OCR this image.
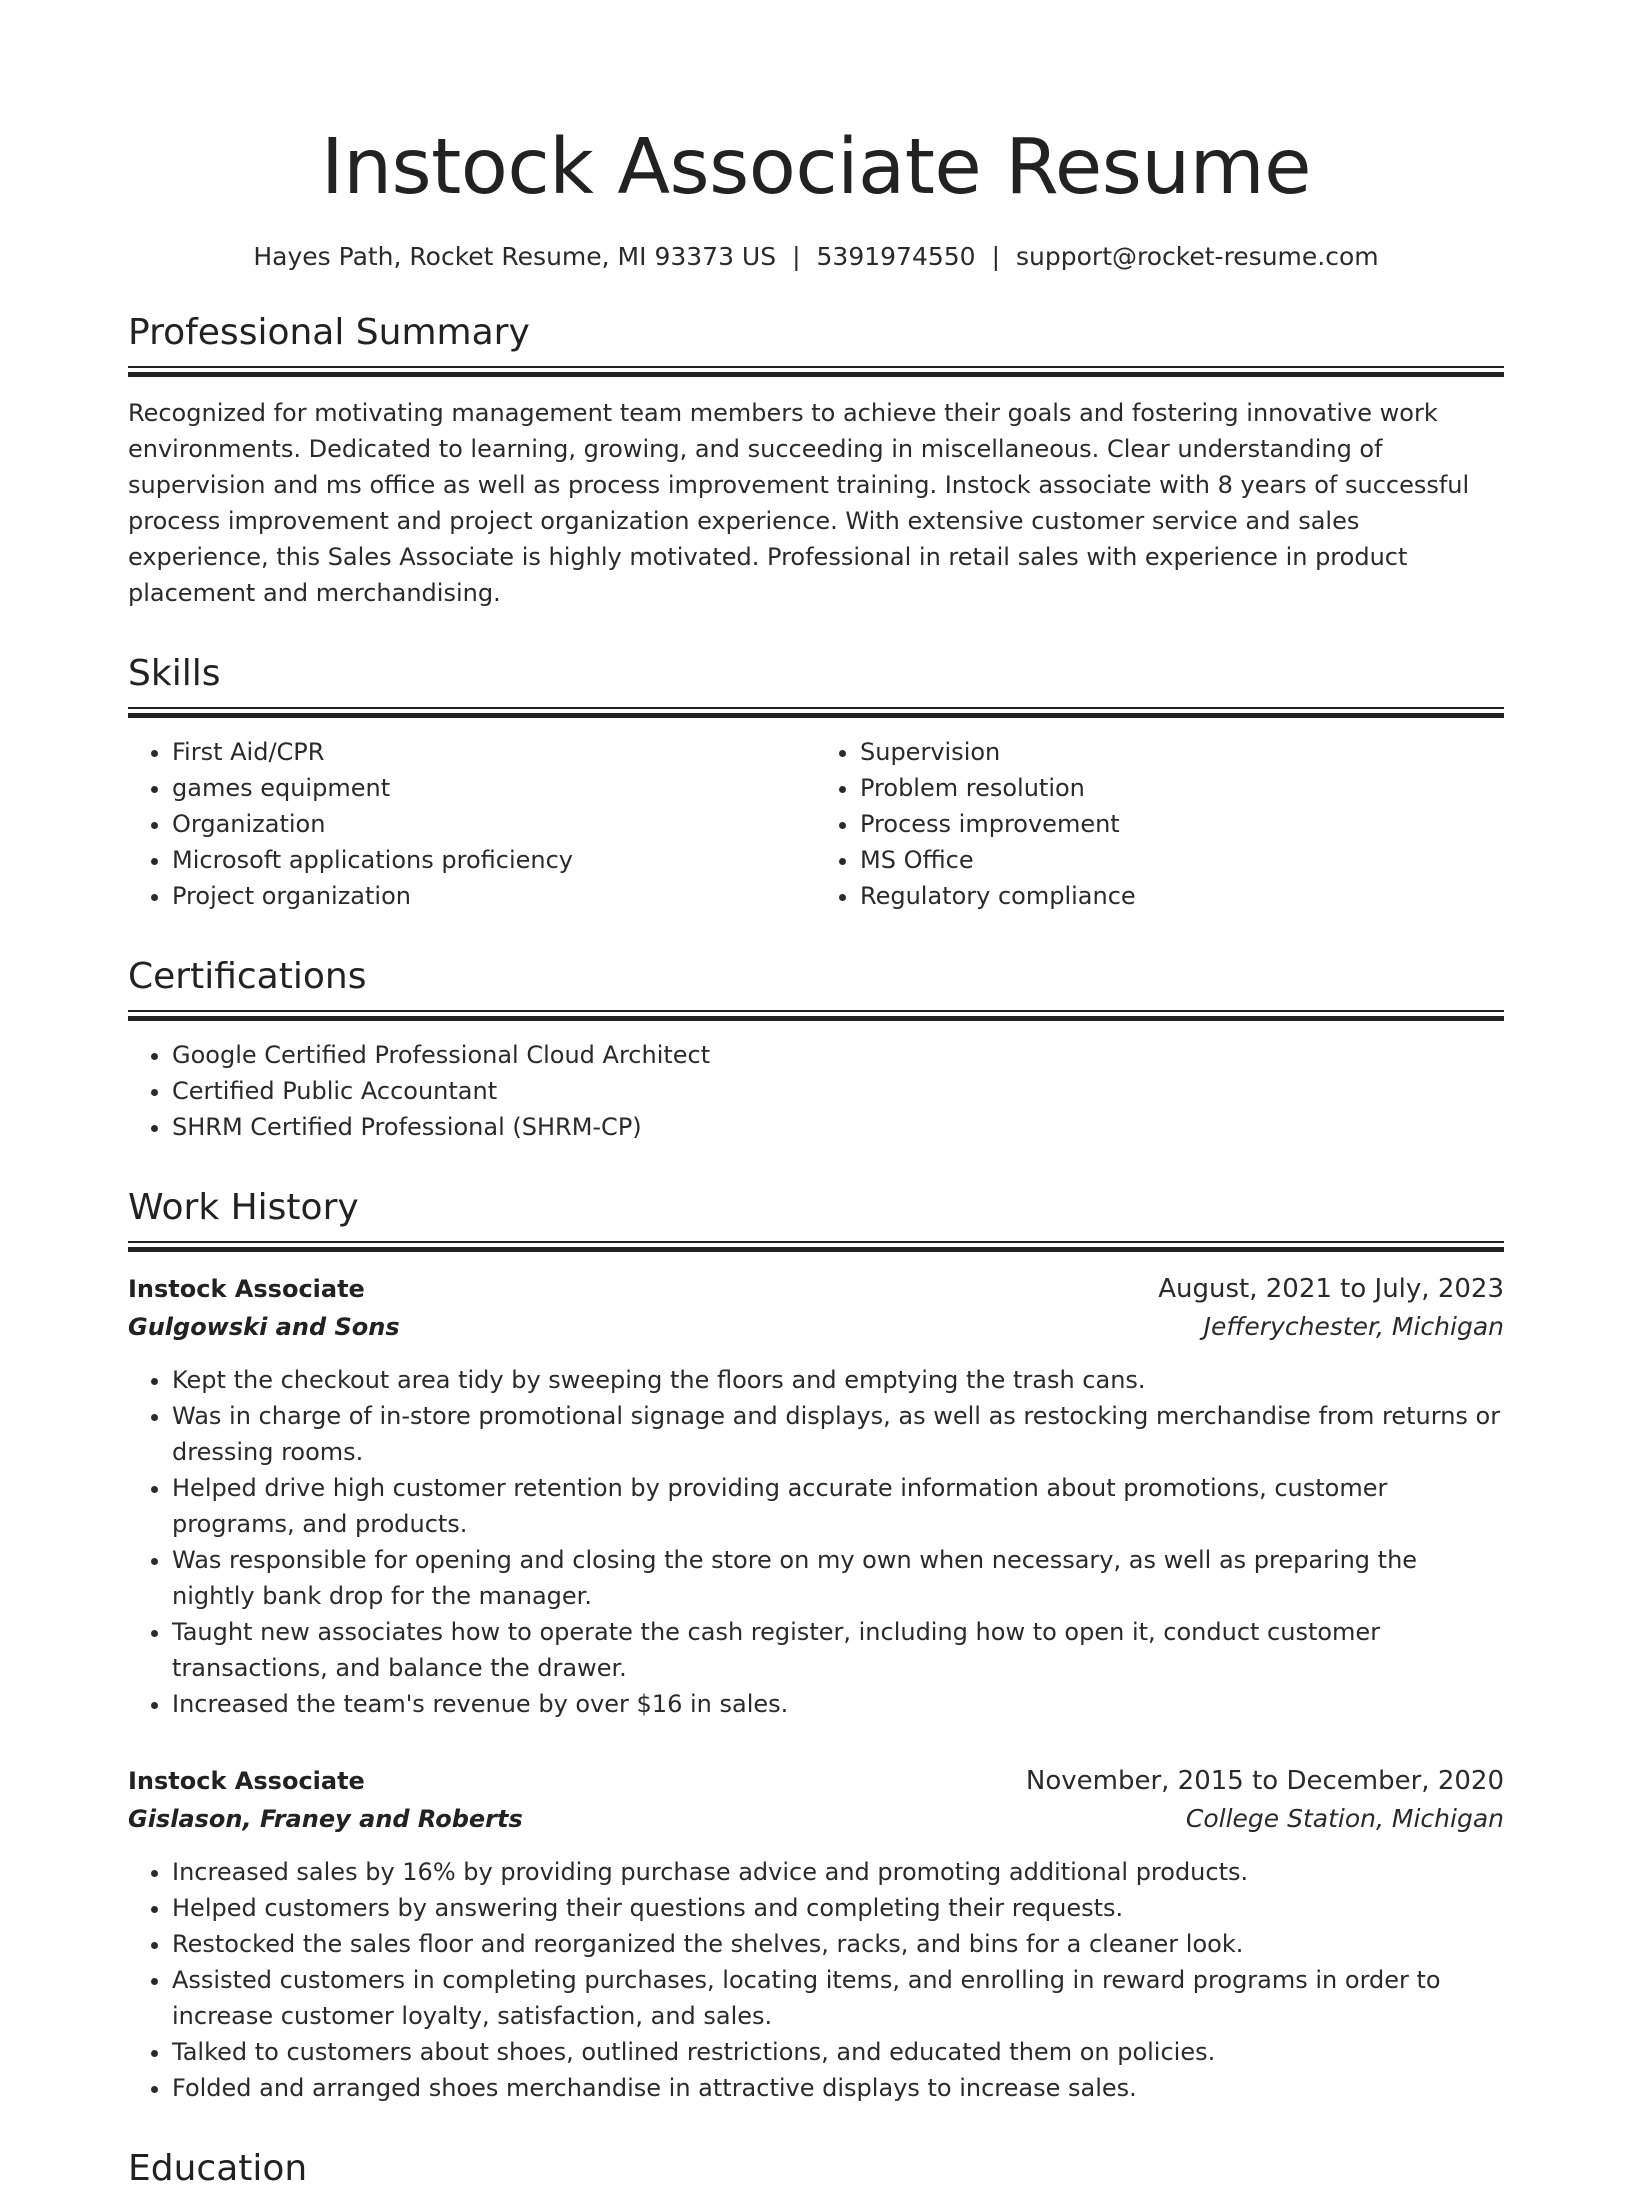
Instock Associate Resume
Hayes Path, Rocket Resume, MI 93373 US | 5391974550 | support@rocket-resume.com
Professional Summary
Recognized for motivating management team members to achieve their goals and fostering innovative work environments. Dedicated to learning, growing, and succeeding in miscellaneous. Clear understanding of supervision and ms office as well as process improvement training. Instock associate with 8 years of successful process improvement and project organization experience. With extensive customer service and sales experience, this Sales Associate is highly motivated. Professional in retail sales with experience in product placement and merchandising.
Skills
• First Aid/CPR
• games equipment
• Organization
• Microsoft applications proficiency
• Project organization
• Supervision
• Problem resolution
• Process improvement
• MS Office
• Regulatory compliance
Certifications
• Google Certified Professional Cloud Architect
• Certified Public Accountant
• SHRM Certified Professional (SHRM-CP)
Work History
Instock Associate	August, 2021 to July, 2023
Gulgowski and Sons	Jefferychester, Michigan
• Kept the checkout area tidy by sweeping the floors and emptying the trash cans.
• Was in charge of in-store promotional signage and displays, as well as restocking merchandise from returns or dressing rooms.
• Helped drive high customer retention by providing accurate information about promotions, customer programs, and products.
• Was responsible for opening and closing the store on my own when necessary, as well as preparing the nightly bank drop for the manager.
• Taught new associates how to operate the cash register, including how to open it, conduct customer transactions, and balance the drawer.
• Increased the team's revenue by over $16 in sales.
Instock Associate	November, 2015 to December, 2020
Gislason, Franey and Roberts	College Station, Michigan
• Increased sales by 16% by providing purchase advice and promoting additional products.
• Helped customers by answering their questions and completing their requests.
• Restocked the sales floor and reorganized the shelves, racks, and bins for a cleaner look.
• Assisted customers in completing purchases, locating items, and enrolling in reward programs in order to increase customer loyalty, satisfaction, and sales.
• Talked to customers about shoes, outlined restrictions, and educated them on policies.
• Folded and arranged shoes merchandise in attractive displays to increase sales.
Education
